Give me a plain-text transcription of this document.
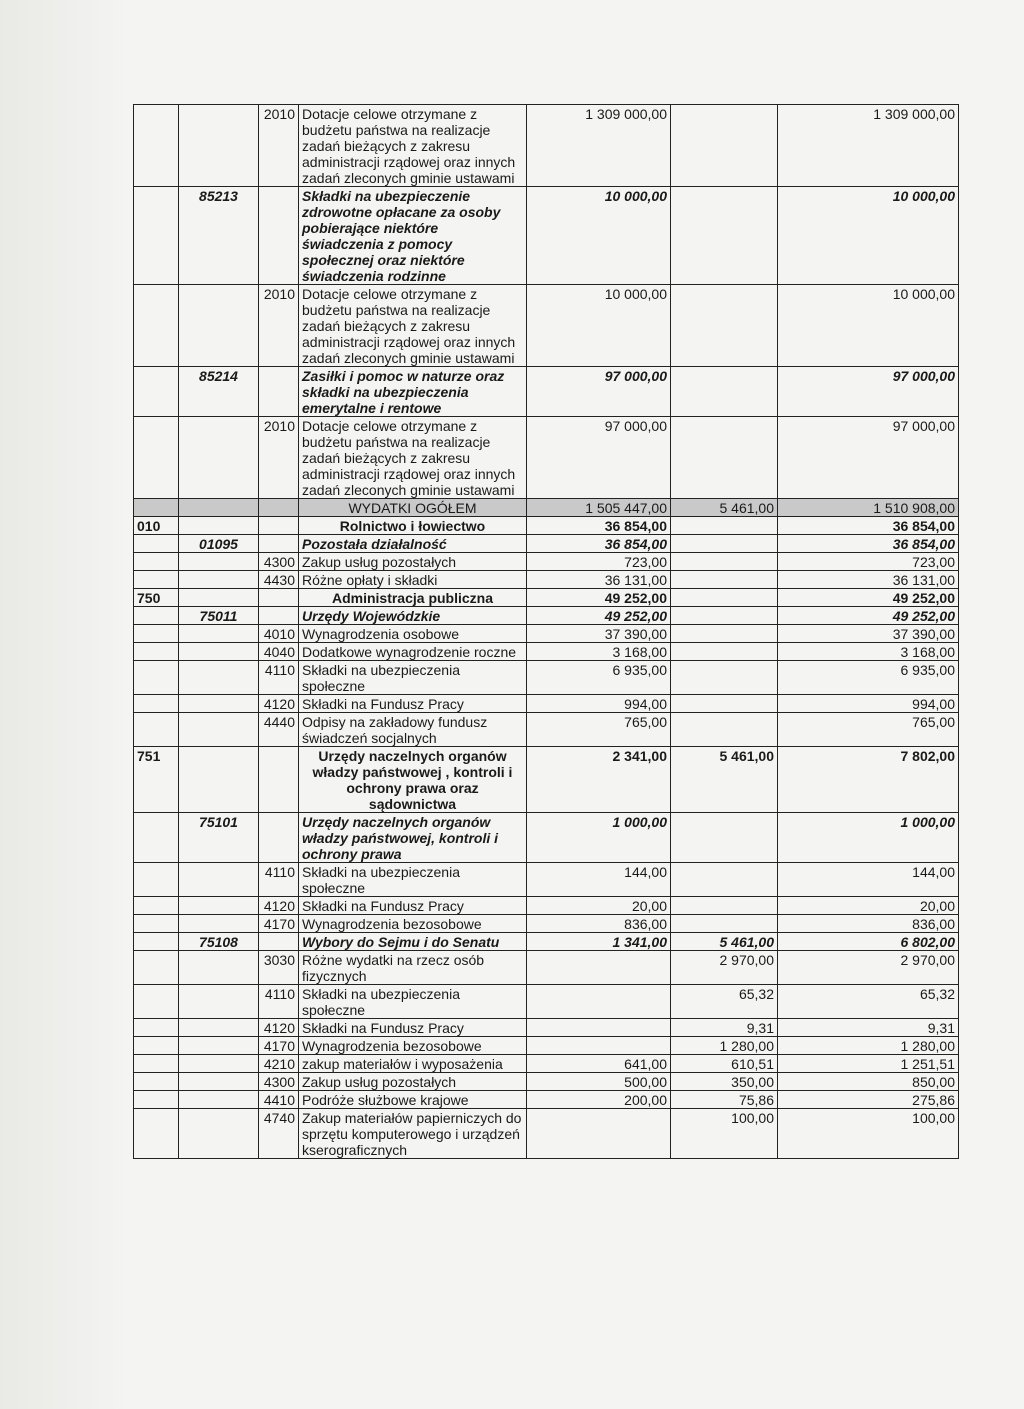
		2010	Dotacje celowe otrzymane z budżetu państwa na realizacje zadań bieżących z zakresu administracji rządowej oraz innych zadań zleconych gminie ustawami	1 309 000,00		1 309 000,00
	85213		Składki na ubezpieczenie zdrowotne opłacane za osoby pobierające niektóre świadczenia z pomocy społecznej oraz niektóre świadczenia rodzinne	10 000,00		10 000,00
		2010	Dotacje celowe otrzymane z budżetu państwa na realizacje zadań bieżących z zakresu administracji rządowej oraz innych zadań zleconych gminie ustawami	10 000,00		10 000,00
	85214		Zasiłki i pomoc w naturze oraz składki na ubezpieczenia emerytalne i rentowe	97 000,00		97 000,00
		2010	Dotacje celowe otrzymane z budżetu państwa na realizacje zadań bieżących z zakresu administracji rządowej oraz innych zadań zleconych gminie ustawami	97 000,00		97 000,00
			WYDATKI OGÓŁEM	1 505 447,00	5 461,00	1 510 908,00
010			Rolnictwo i łowiectwo	36 854,00		36 854,00
	01095		Pozostała działalność	36 854,00		36 854,00
		4300	Zakup usług pozostałych	723,00		723,00
		4430	Różne opłaty i składki	36 131,00		36 131,00
750			Administracja publiczna	49 252,00		49 252,00
	75011		Urzędy Wojewódzkie	49 252,00		49 252,00
		4010	Wynagrodzenia osobowe	37 390,00		37 390,00
		4040	Dodatkowe wynagrodzenie roczne	3 168,00		3 168,00
		4110	Składki na ubezpieczenia społeczne	6 935,00		6 935,00
		4120	Składki na Fundusz Pracy	994,00		994,00
		4440	Odpisy na zakładowy fundusz świadczeń socjalnych	765,00		765,00
751			Urzędy naczelnych organów władzy państwowej , kontroli i ochrony prawa oraz sądownictwa	2 341,00	5 461,00	7 802,00
	75101		Urzędy naczelnych organów władzy państwowej, kontroli i ochrony prawa	1 000,00		1 000,00
		4110	Składki na ubezpieczenia społeczne	144,00		144,00
		4120	Składki na Fundusz Pracy	20,00		20,00
		4170	Wynagrodzenia bezosobowe	836,00		836,00
	75108		Wybory do Sejmu i do Senatu	1 341,00	5 461,00	6 802,00
		3030	Różne wydatki na rzecz osób fizycznych		2 970,00	2 970,00
		4110	Składki na ubezpieczenia społeczne		65,32	65,32
		4120	Składki na Fundusz Pracy		9,31	9,31
		4170	Wynagrodzenia bezosobowe		1 280,00	1 280,00
		4210	zakup materiałów i wyposażenia	641,00	610,51	1 251,51
		4300	Zakup usług pozostałych	500,00	350,00	850,00
		4410	Podróże służbowe krajowe	200,00	75,86	275,86
		4740	Zakup materiałów papierniczych do sprzętu komputerowego i urządzeń kserograficznych		100,00	100,00
